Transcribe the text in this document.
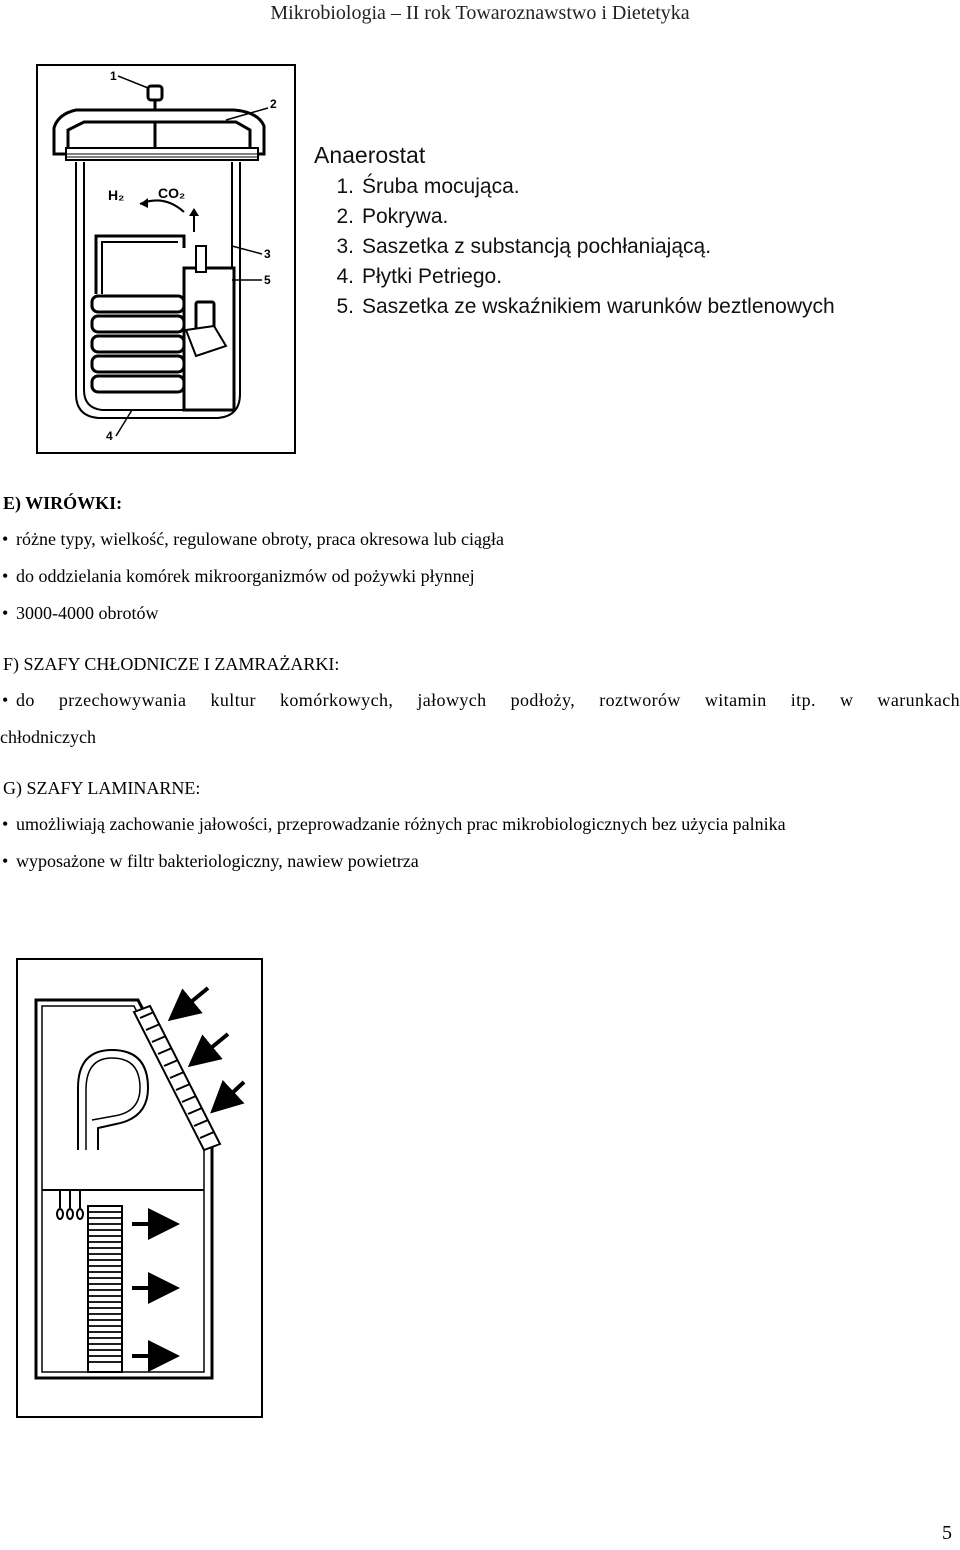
Mikrobiologia – II rok Towaroznawstwo i Dietetyka
H₂ CO₂
1
2
3
5
4
Anaerostat
1. Śruba mocująca.
2. Pokrywa.
3. Saszetka z substancją pochłaniającą.
4. Płytki Petriego.
5. Saszetka ze wskaźnikiem warunków beztlenowych
E) WIRÓWKI:
• różne typy, wielkość, regulowane obroty, praca okresowa lub ciągła
• do oddzielania komórek mikroorganizmów od pożywki płynnej
• 3000-4000 obrotów
F) SZAFY CHŁODNICZE I ZAMRAŻARKI:
• do przechowywania kultur komórkowych, jałowych podłoży, roztworów witamin itp. w warunkach
chłodniczych
G) SZAFY LAMINARNE:
• umożliwiają zachowanie jałowości, przeprowadzanie różnych prac mikrobiologicznych bez użycia palnika
• wyposażone w filtr bakteriologiczny, nawiew powietrza
5
